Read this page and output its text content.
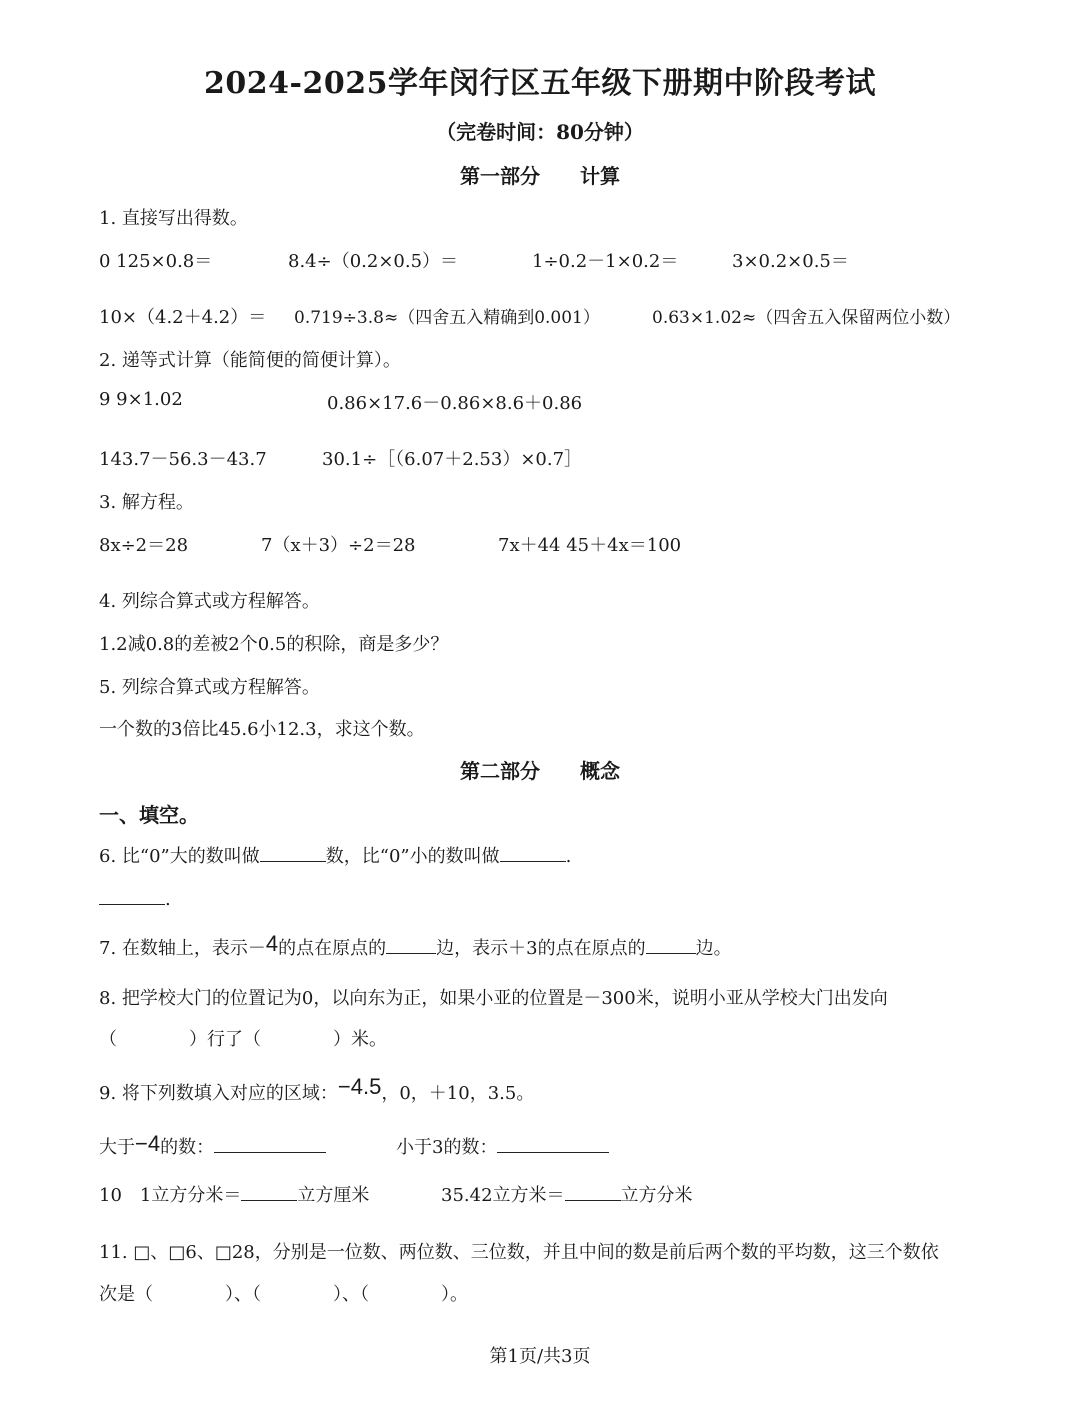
2024-2025学年闵行区五年级下册期中阶段考试
（完卷时间：80分钟）
第一部分　　计算
1. 直接写出得数。
0 125×0.8＝	8.4÷（0.2×0.5）＝	1÷0.2－1×0.2＝	3×0.2×0.5＝
10×（4.2＋4.2）＝ 0.719÷3.8≈（四舍五入精确到0.001）	0.63×1.02≈（四舍五入保留两位小数）
2. 递等式计算（能简便的简便计算）。
9 9×1.02	0.86×17.6－0.86×8.6＋0.86
143.7－56.3－43.7	30.1÷［（6.07＋2.53）×0.7］
3. 解方程。
8x÷2＝28	7（x＋3）÷2＝28	7x＋44 45＋4x＝100
4. 列综合算式或方程解答。
1.2减0.8的差被2个0.5的积除，商是多少？
5. 列综合算式或方程解答。
一个数的3倍比45.6小12.3，求这个数。
第二部分　　概念
一、填空。
6. 比“0”大的数叫做	数，比“0”小的数叫做	.
.
7. 在数轴上，表示－4的点在原点的	边，表示＋3的点在原点的	边。
8. 把学校大门的位置记为0，以向东为正，如果小亚的位置是－300米，说明小亚从学校大门出发向
（　　　　）行了（　　　　）米。
9. 将下列数填入对应的区域：−4.5，0，＋10，3.5。
大于−4的数：	小于3的数：
10　1立方分米＝	立方厘米	35.42立方米＝	立方分米
11. □、□6、□28，分别是一位数、两位数、三位数，并且中间的数是前后两个数的平均数，这三个数依
次是（　　　　）、（　　　　）、（　　　　）。
第1页/共3页
